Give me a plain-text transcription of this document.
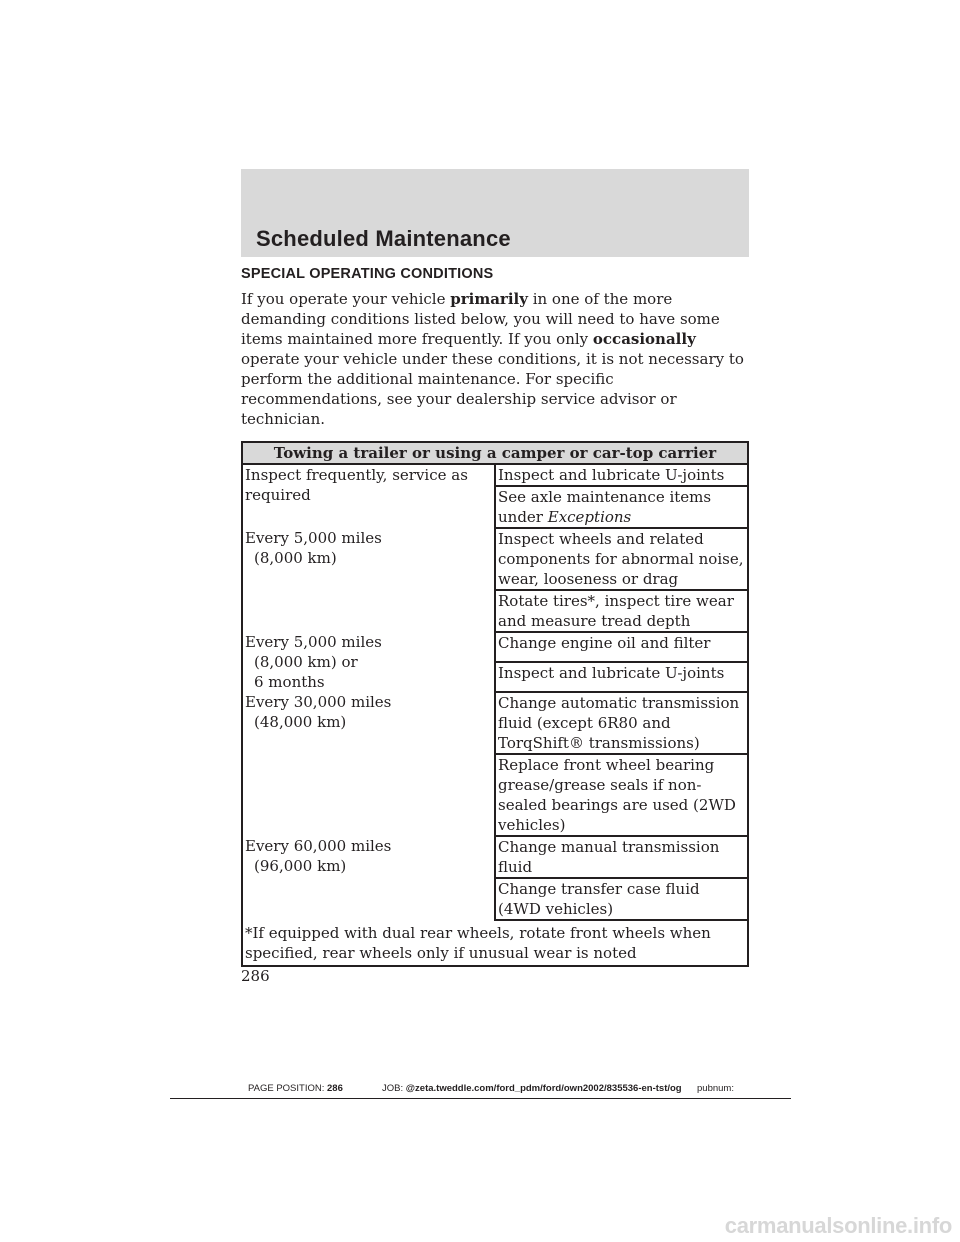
Scheduled Maintenance
SPECIAL OPERATING CONDITIONS

If you operate your vehicle primarily in one of the more demanding conditions listed below, you will need to have some items maintained more frequently. If you only occasionally operate your vehicle under these conditions, it is not necessary to perform the additional maintenance. For specific recommendations, see your dealership service advisor or technician.

Towing a trailer or using a camper or car-top carrier	
Inspect frequently, service as required	Inspect and lubricate U-joints
	See axle maintenance items under Exceptions

Every 5,000 miles
(8,000 km)	Inspect wheels and related components for abnormal noise, wear, looseness or drag
	Rotate tires*, inspect tire wear and measure tread depth

Every 5,000 miles
(8,000 km) or
6 months	Change engine oil and filter
	Inspect and lubricate U-joints

Every 30,000 miles
(48,000 km)	Change automatic transmission fluid (except 6R80 and TorqShift® transmissions)
	Replace front wheel bearing grease/grease seals if non-sealed bearings are used (2WD vehicles)

Every 60,000 miles
(96,000 km)	Change manual transmission fluid
	Change transfer case fluid (4WD vehicles)
*If equipped with dual rear wheels, rotate front wheels when specified, rear wheels only if unusual wear is noted	
286
PAGE POSITION: 286	JOB: @zeta.tweddle.com/ford_pdm/ford/own2002/835536-en-tst/og pubnum:
carmanualsonline.info
